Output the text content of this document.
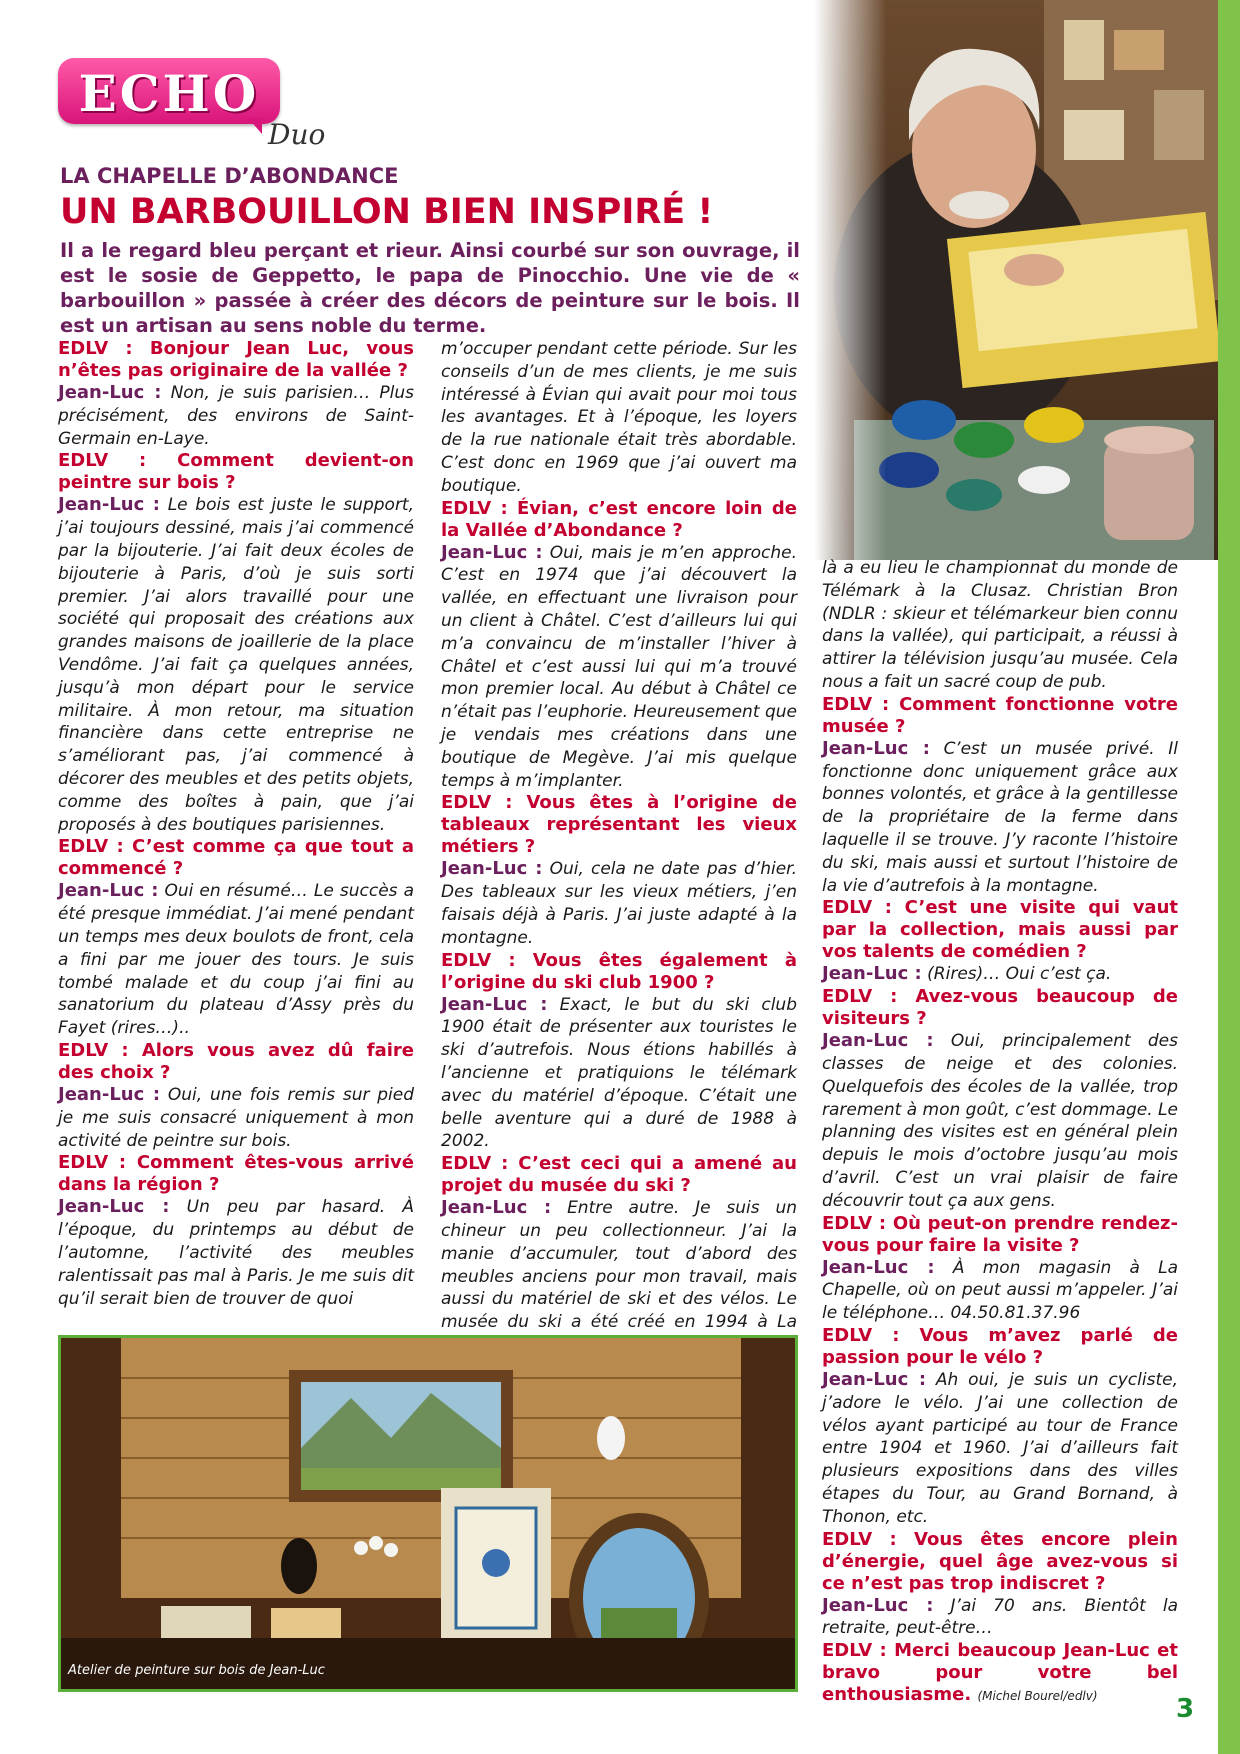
ECHO
Duo
LA CHAPELLE D’ABONDANCE
UN BARBOUILLON BIEN INSPIRÉ !
Il a le regard bleu perçant et rieur. Ainsi courbé sur son ouvrage, il est le sosie de Geppetto, le papa de Pinocchio. Une vie de « barbouillon » passée à créer des décors de peinture sur le bois. Il est un artisan au sens noble du terme.

EDLV : Bonjour Jean Luc, vous n’êtes pas originaire de la vallée ?

Jean-Luc : Non, je suis parisien… Plus précisément, des environs de Saint-Germain en-Laye.

EDLV : Comment devient-on peintre sur bois ?

Jean-Luc : Le bois est juste le support, j’ai toujours dessiné, mais j’ai commencé par la bijouterie. J’ai fait deux écoles de bijouterie à Paris, d’où je suis sorti premier. J’ai alors travaillé pour une société qui proposait des créations aux grandes maisons de joaillerie de la place Vendôme. J’ai fait ça quelques années, jusqu’à mon départ pour le service militaire. À mon retour, ma situation financière dans cette entreprise ne s’améliorant pas, j’ai commencé à décorer des meubles et des petits objets, comme des boîtes à pain, que j’ai proposés à des boutiques parisiennes.

EDLV : C’est comme ça que tout a commencé ?

Jean-Luc : Oui en résumé… Le succès a été presque immédiat. J’ai mené pendant un temps mes deux boulots de front, cela a fini par me jouer des tours. Je suis tombé malade et du coup j’ai fini au sanatorium du plateau d’Assy près du Fayet (rires…)..

EDLV : Alors vous avez dû faire des choix ?

Jean-Luc : Oui, une fois remis sur pied je me suis consacré uniquement à mon activité de peintre sur bois.

EDLV : Comment êtes-vous arrivé dans la région ?

Jean-Luc : Un peu par hasard. À l’époque, du printemps au début de l’automne, l’activité des meubles ralentissait pas mal à Paris. Je me suis dit qu’il serait bien de trouver de quoi

m’occuper pendant cette période. Sur les conseils d’un de mes clients, je me suis intéressé à Évian qui avait pour moi tous les avantages. Et à l’époque, les loyers de la rue nationale était très abordable. C’est donc en 1969 que j’ai ouvert ma boutique.

EDLV : Évian, c’est encore loin de la Vallée d’Abondance ?

Jean-Luc : Oui, mais je m’en approche. C’est en 1974 que j’ai découvert la vallée, en effectuant une livraison pour un client à Châtel. C’est d’ailleurs lui qui m’a convaincu de m’installer l’hiver à Châtel et c’est aussi lui qui m’a trouvé mon premier local. Au début à Châtel ce n’était pas l’euphorie. Heureusement que je vendais mes créations dans une boutique de Megève. J’ai mis quelque temps à m’implanter.

EDLV : Vous êtes à l’origine de tableaux représentant les vieux métiers ?

Jean-Luc : Oui, cela ne date pas d’hier. Des tableaux sur les vieux métiers, j’en faisais déjà à Paris. J’ai juste adapté à la montagne.

EDLV : Vous êtes également à l’origine du ski club 1900 ?

Jean-Luc : Exact, le but du ski club 1900 était de présenter aux touristes le ski d’autrefois. Nous étions habillés à l’ancienne et pratiquions le télémark avec du matériel d’époque. C’était une belle aventure qui a duré de 1988 à 2002.

EDLV : C’est ceci qui a amené au projet du musée du ski ?

Jean-Luc : Entre autre. Je suis un chineur un peu collectionneur. J’ai la manie d’accumuler, tout d’abord des meubles anciens pour mon travail, mais aussi du matériel de ski et des vélos. Le musée du ski a été créé en 1994 à La

là a eu lieu le championnat du monde de Télémark à la Clusaz. Christian Bron (NDLR : skieur et télémarkeur bien connu dans la vallée), qui participait, a réussi à attirer la télévision jusqu’au musée. Cela nous a fait un sacré coup de pub.

EDLV : Comment fonctionne votre musée ?

Jean-Luc : C’est un musée privé. Il fonctionne donc uniquement grâce aux bonnes volontés, et grâce à la gentillesse de la propriétaire de la ferme dans laquelle il se trouve. J’y raconte l’histoire du ski, mais aussi et surtout l’histoire de la vie d’autrefois à la montagne.

EDLV : C’est une visite qui vaut par la collection, mais aussi par vos talents de comédien ?

Jean-Luc : (Rires)… Oui c’est ça.

EDLV : Avez-vous beaucoup de visiteurs ?

Jean-Luc : Oui, principalement des classes de neige et des colonies. Quelquefois des écoles de la vallée, trop rarement à mon goût, c’est dommage. Le planning des visites est en général plein depuis le mois d’octobre jusqu’au mois d’avril. C’est un vrai plaisir de faire découvrir tout ça aux gens.

EDLV : Où peut-on prendre rendez-vous pour faire la visite ?

Jean-Luc : À mon magasin à La Chapelle, où on peut aussi m’appeler. J’ai le téléphone… 04.50.81.37.96

EDLV : Vous m’avez parlé de passion pour le vélo ?

Jean-Luc : Ah oui, je suis un cycliste, j’adore le vélo. J’ai une collection de vélos ayant participé au tour de France entre 1904 et 1960. J’ai d’ailleurs fait plusieurs expositions dans des villes étapes du Tour, au Grand Bornand, à Thonon, etc.

EDLV : Vous êtes encore plein d’énergie, quel âge avez-vous si ce n’est pas trop indiscret ?

Jean-Luc : J’ai 70 ans. Bientôt la retraite, peut-être…

EDLV : Merci beaucoup Jean-Luc et bravo pour votre bel enthousiasme. (Michel Bourel/edlv)

Atelier de peinture sur bois de Jean-Luc
3
